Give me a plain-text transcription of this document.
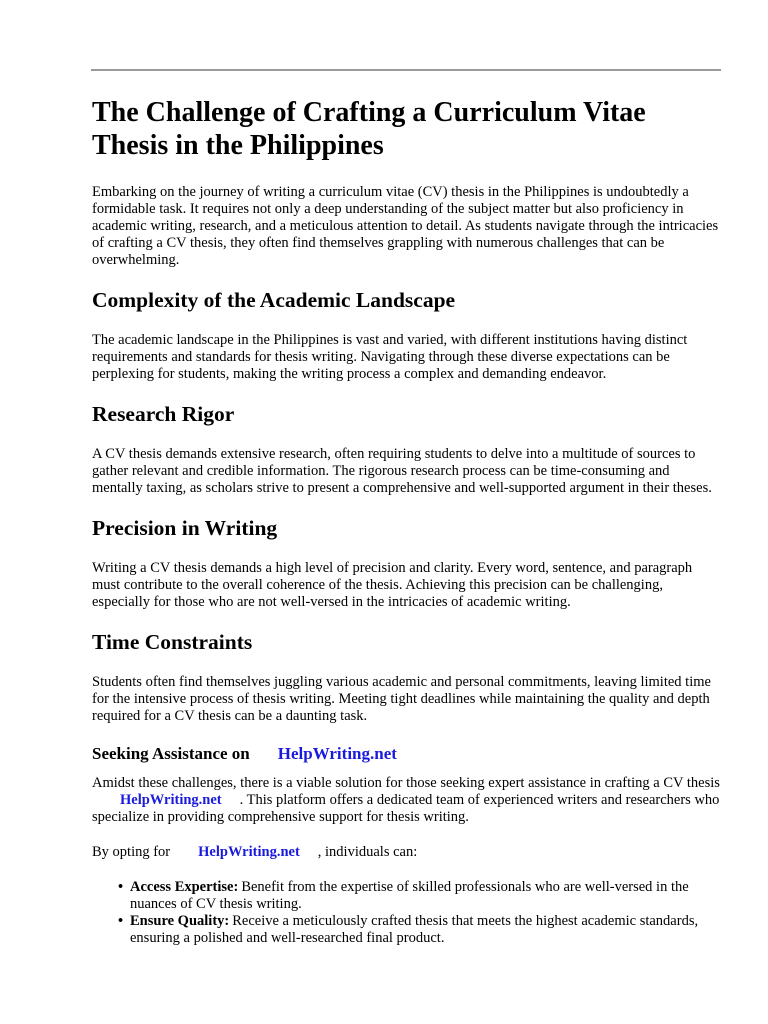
The Challenge of Crafting a Curriculum Vitae Thesis in the Philippines

Embarking on the journey of writing a curriculum vitae (CV) thesis in the Philippines is undoubtedly a formidable task. It requires not only a deep understanding of the subject matter but also proficiency in academic writing, research, and a meticulous attention to detail. As students navigate through the intricacies of crafting a CV thesis, they often find themselves grappling with numerous challenges that can be overwhelming.

Complexity of the Academic Landscape

The academic landscape in the Philippines is vast and varied, with different institutions having distinct requirements and standards for thesis writing. Navigating through these diverse expectations can be perplexing for students, making the writing process a complex and demanding endeavor.

Research Rigor

A CV thesis demands extensive research, often requiring students to delve into a multitude of sources to gather relevant and credible information. The rigorous research process can be time-consuming and mentally taxing, as scholars strive to present a comprehensive and well-supported argument in their theses.

Precision in Writing

Writing a CV thesis demands a high level of precision and clarity. Every word, sentence, and paragraph must contribute to the overall coherence of the thesis. Achieving this precision can be challenging, especially for those who are not well-versed in the intricacies of academic writing.

Time Constraints

Students often find themselves juggling various academic and personal commitments, leaving limited time for the intensive process of thesis writing. Meeting tight deadlines while maintaining the quality and depth required for a CV thesis can be a daunting task.

Seeking Assistance on HelpWriting.net

Amidst these challenges, there is a viable solution for those seeking expert assistance in crafting a CV thesisHelpWriting.net . This platform offers a dedicated team of experienced writers and researchers who specialize in providing comprehensive support for thesis writing.

By opting for HelpWriting.net , individuals can:

• Access Expertise: Benefit from the expertise of skilled professionals who are well-versed in the nuances of CV thesis writing.
• Ensure Quality: Receive a meticulously crafted thesis that meets the highest academic standards, ensuring a polished and well-researched final product.
